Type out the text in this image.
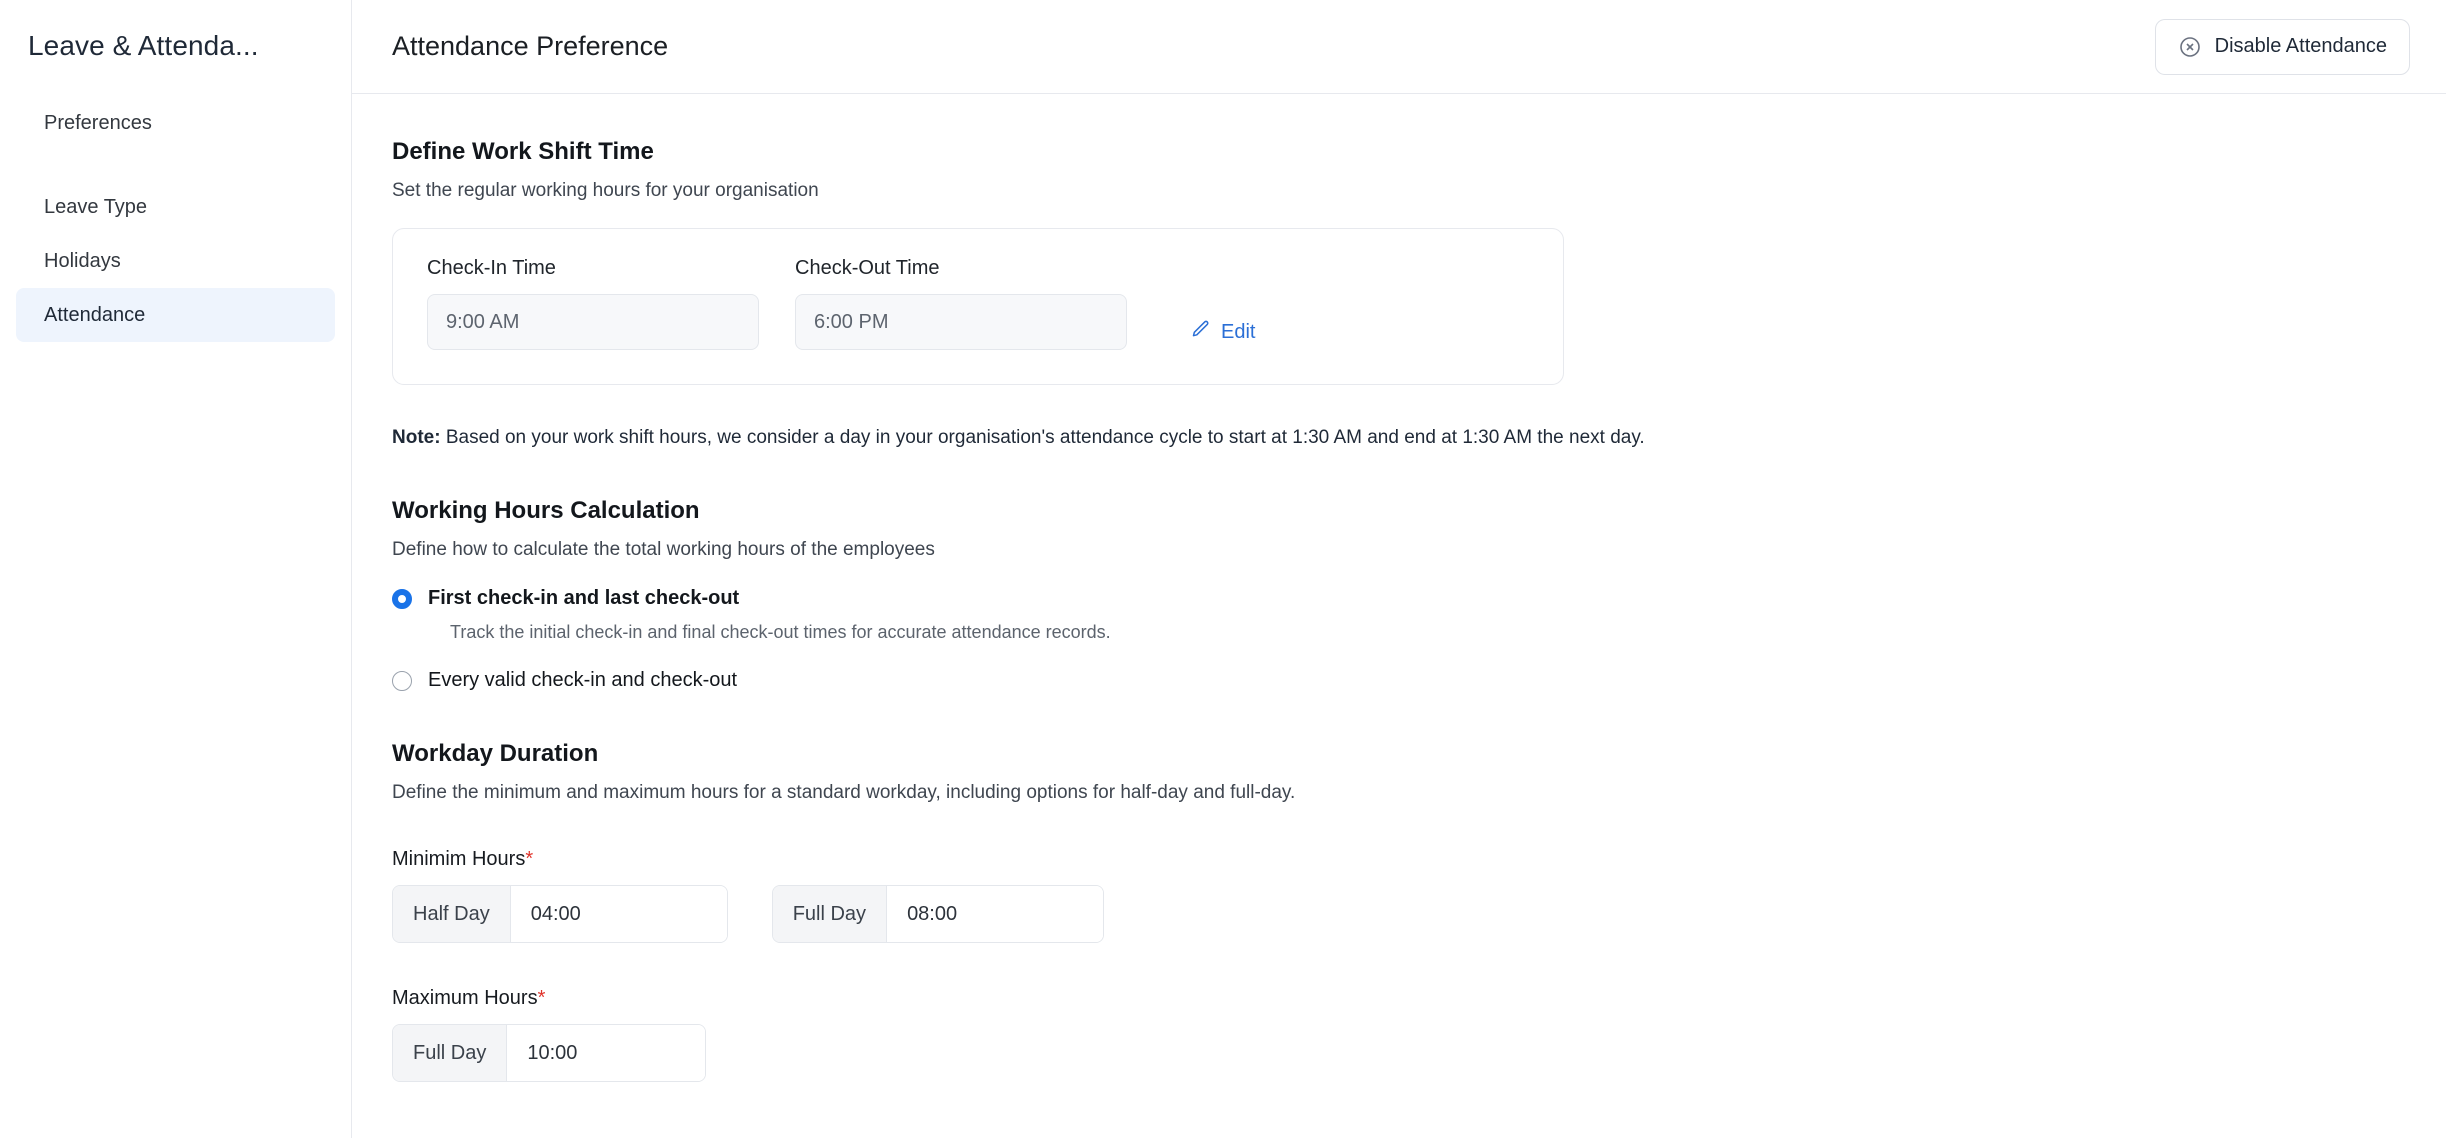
Leave & Attenda...
Preferences
Leave Type
Holidays
Attendance
Attendance Preference	Disable Attendance
Define Work Shift Time

Set the regular working hours for your organisation

Check-In Time
9:00 AM
Check-Out Time
6:00 PM	Edit

Note: Based on your work shift hours, we consider a day in your organisation's attendance cycle to start at 1:30 AM and end at 1:30 AM the next day.

Working Hours Calculation

Define how to calculate the total working hours of the employees

First check-in and last check-out
Track the initial check-in and final check-out times for accurate attendance records.
Every valid check-in and check-out
Workday Duration

Define the minimum and maximum hours for a standard workday, including options for half-day and full-day.

Minimim Hours*
Half Day	04:00	Full Day	08:00
Maximum Hours*
Full Day	10:00
